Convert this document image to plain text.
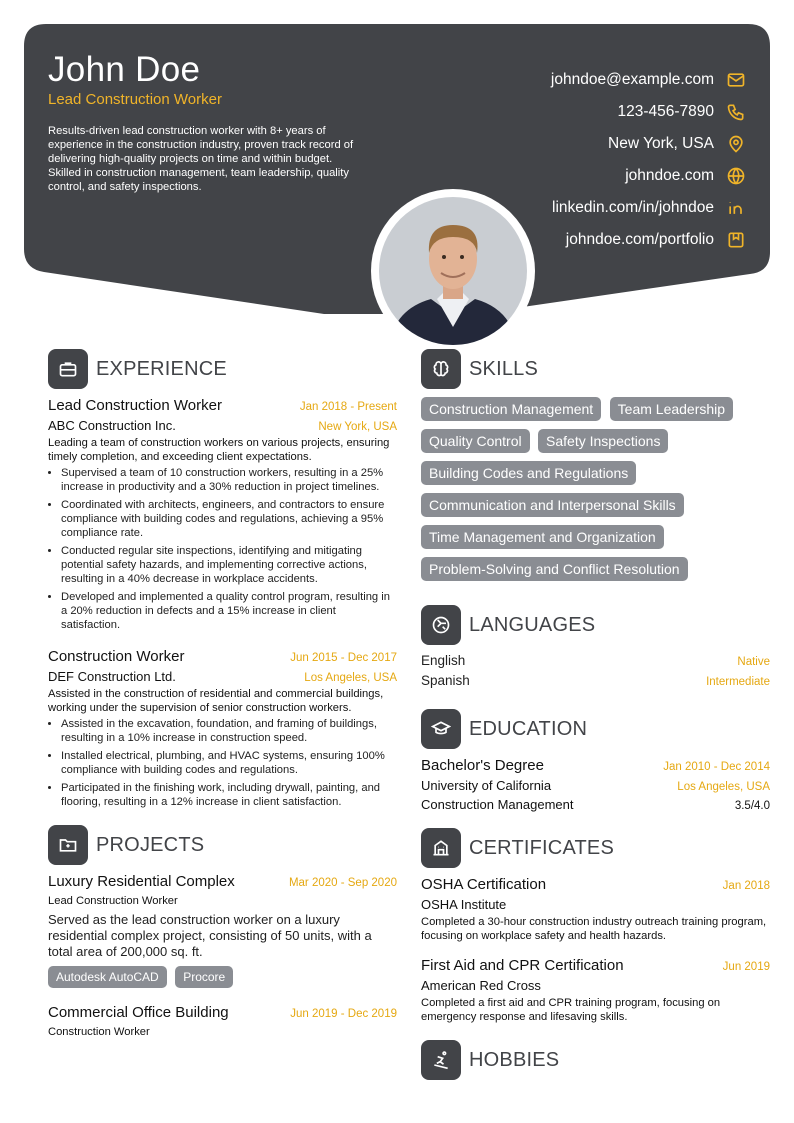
John Doe
Lead Construction Worker
Results-driven lead construction worker with 8+ years of experience in the construction industry, proven track record of delivering high-quality projects on time and within budget. Skilled in construction management, team leadership, quality control, and safety inspections.
johndoe@example.com
123-456-7890
New York, USA
johndoe.com
linkedin.com/in/johndoe
johndoe.com/portfolio
EXPERIENCE
Lead Construction Worker	Jan 2018 - Present
ABC Construction Inc.	New York, USA
Leading a team of construction workers on various projects, ensuring timely completion, and exceeding client expectations.
• Supervised a team of 10 construction workers, resulting in a 25% increase in productivity and a 30% reduction in project timelines.
• Coordinated with architects, engineers, and contractors to ensure compliance with building codes and regulations, achieving a 95% compliance rate.
• Conducted regular site inspections, identifying and mitigating potential safety hazards, and implementing corrective actions, resulting in a 40% decrease in workplace accidents.
• Developed and implemented a quality control program, resulting in a 20% reduction in defects and a 15% increase in client satisfaction.
Construction Worker	Jun 2015 - Dec 2017
DEF Construction Ltd.	Los Angeles, USA
Assisted in the construction of residential and commercial buildings, working under the supervision of senior construction workers.
• Assisted in the excavation, foundation, and framing of buildings, resulting in a 10% increase in construction speed.
• Installed electrical, plumbing, and HVAC systems, ensuring 100% compliance with building codes and regulations.
• Participated in the finishing work, including drywall, painting, and flooring, resulting in a 12% increase in client satisfaction.
PROJECTS
Luxury Residential Complex	Mar 2020 - Sep 2020
Lead Construction Worker
Served as the lead construction worker on a luxury residential complex project, consisting of 50 units, with a total area of 200,000 sq. ft.
Autodesk AutoCAD Procore
Commercial Office Building	Jun 2019 - Dec 2019
Construction Worker
SKILLS
Construction Management Team Leadership
Quality Control Safety Inspections
Building Codes and Regulations
Communication and Interpersonal Skills
Time Management and Organization
Problem-Solving and Conflict Resolution
LANGUAGES
English	Native
Spanish	Intermediate
EDUCATION
Bachelor's Degree	Jan 2010 - Dec 2014
University of California	Los Angeles, USA
Construction Management	3.5/4.0
CERTIFICATES
OSHA Certification	Jan 2018
OSHA Institute
Completed a 30-hour construction industry outreach training program, focusing on workplace safety and health hazards.
First Aid and CPR Certification	Jun 2019
American Red Cross
Completed a first aid and CPR training program, focusing on emergency response and lifesaving skills.
HOBBIES
